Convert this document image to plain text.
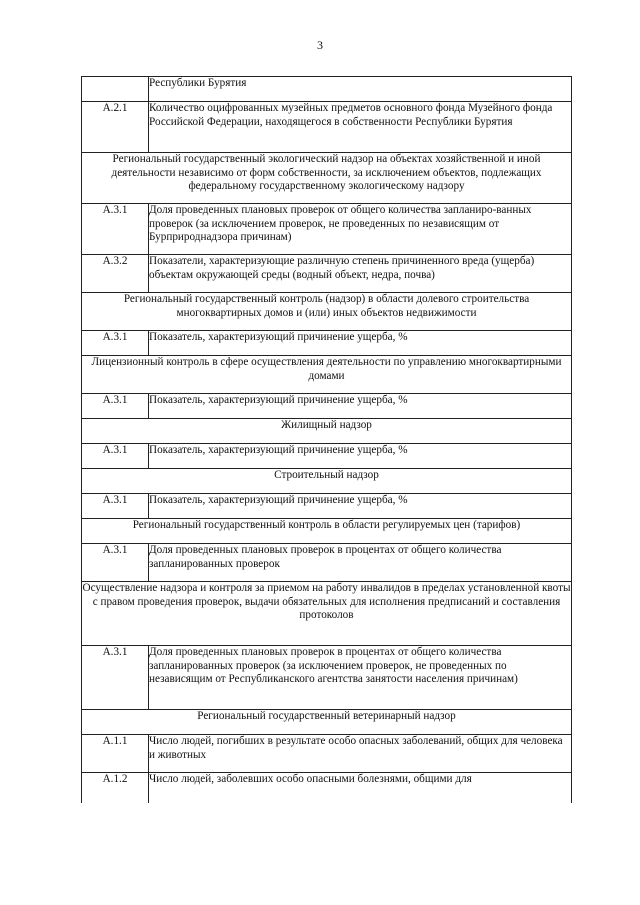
3
	Республики Бурятия
А.2.1	Количество оцифрованных музейных предметов основного фонда Музейного фонда Российской Федерации, находящегося в собственности Республики Бурятия
Региональный государственный экологический надзор на объектах хозяйственной и иной деятельности независимо от форм собственности, за исключением объектов, подлежащих федеральному государственному экологическому надзору	
А.3.1	Доля проведенных плановых проверок от общего количества запланиро-ванных проверок (за исключением проверок, не проведенных по независящим от Бурприроднадзора причинам)
А.3.2	Показатели, характеризующие различную степень причиненного вреда (ущерба) объектам окружающей среды (водный объект, недра, почва)
Региональный государственный контроль (надзор) в области долевого строительства многоквартирных домов и (или) иных объектов недвижимости	
А.3.1	Показатель, характеризующий причинение ущерба, %
Лицензионный контроль в сфере осуществления деятельности по управлению многоквартирными домами	
А.3.1	Показатель, характеризующий причинение ущерба, %
Жилищный надзор	
А.3.1	Показатель, характеризующий причинение ущерба, %
Строительный надзор	
А.3.1	Показатель, характеризующий причинение ущерба, %
Региональный государственный контроль в области регулируемых цен (тарифов)	
А.3.1	Доля проведенных плановых проверок в процентах от общего количества запланированных проверок
Осуществление надзора и контроля за приемом на работу инвалидов в пределах установленной квоты с правом проведения проверок, выдачи обязательных для исполнения предписаний и составления протоколов	
А.3.1	Доля проведенных плановых проверок в процентах от общего количества запланированных проверок (за исключением проверок, не проведенных по независящим от Республиканского агентства занятости населения причинам)
Региональный государственный ветеринарный надзор	
А.1.1	Число людей, погибших в результате особо опасных заболеваний, общих для человека и животных
А.1.2	Число людей, заболевших особо опасными болезнями, общими для
